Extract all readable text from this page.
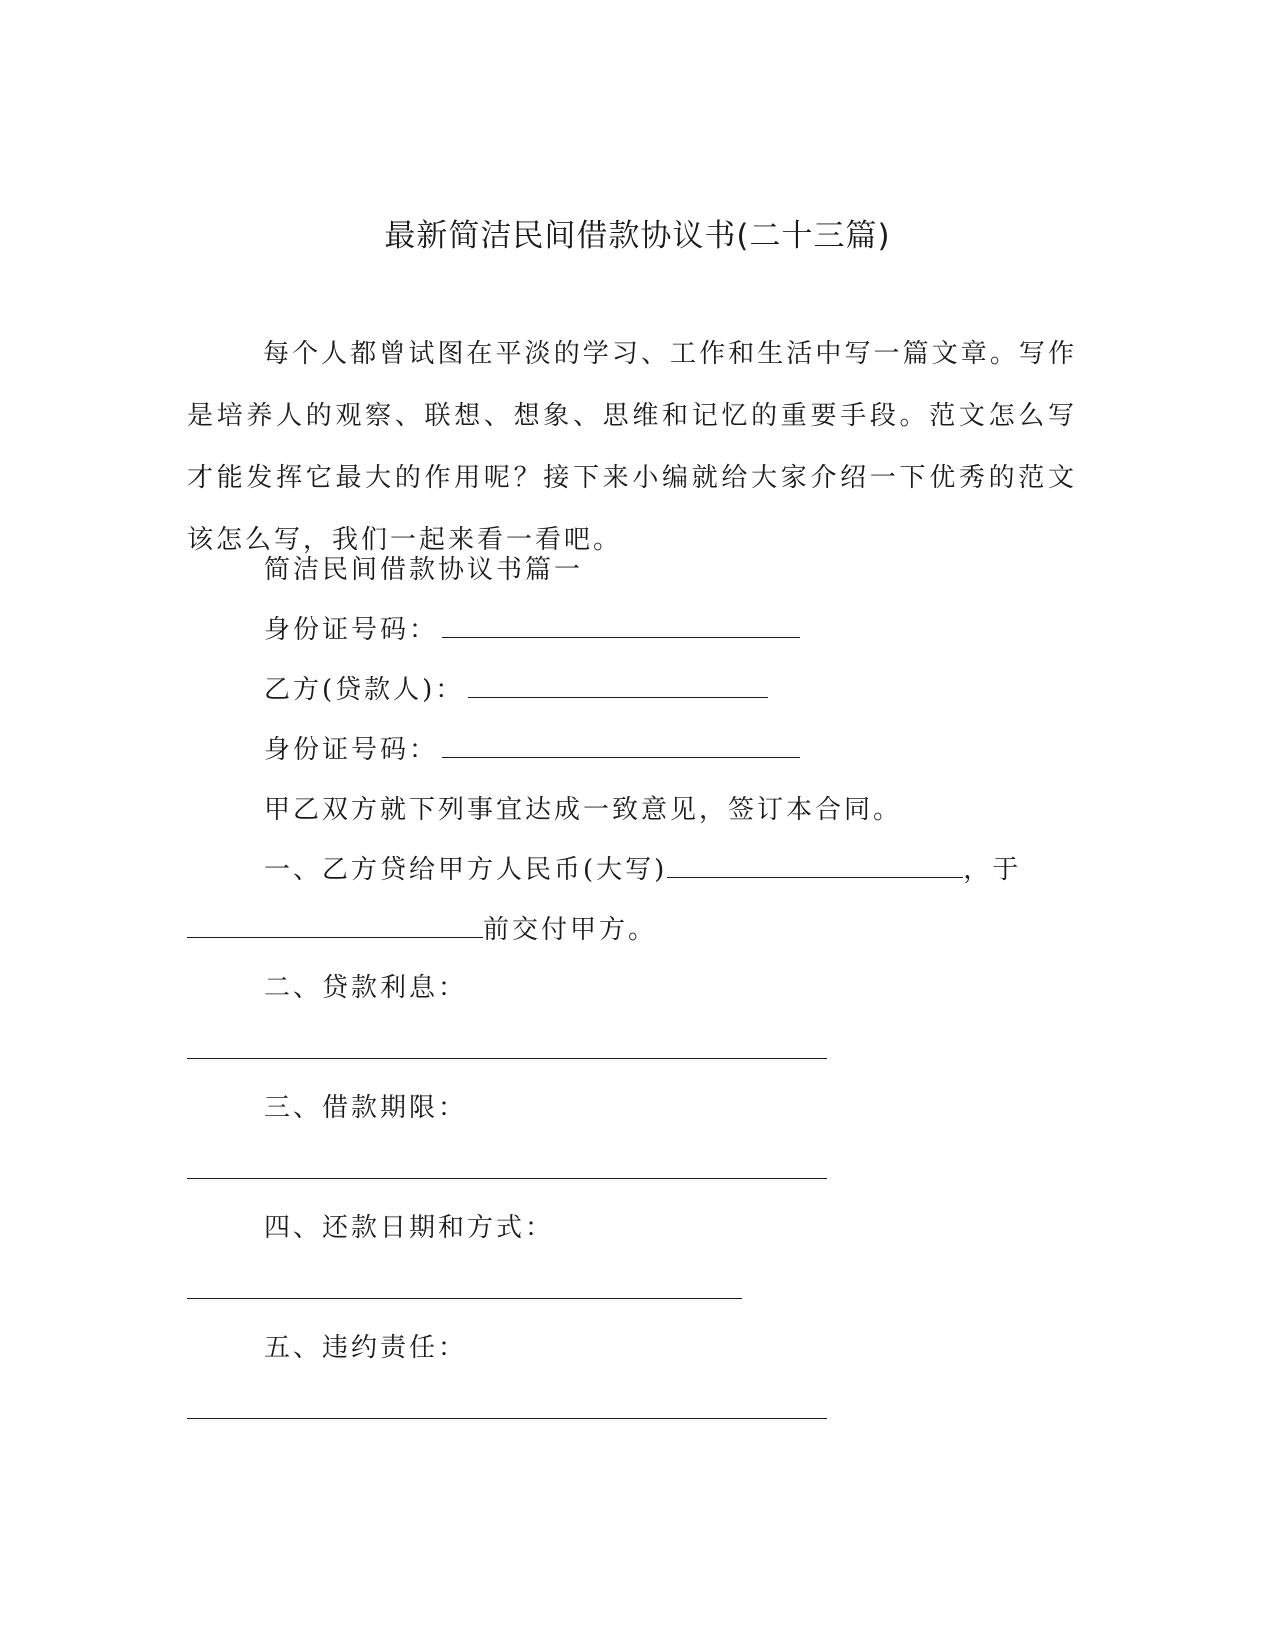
最新简洁民间借款协议书(二十三篇)
每个人都曾试图在平淡的学习、工作和生活中写一篇文章。写作是培养人的观察、联想、想象、思维和记忆的重要手段。范文怎么写才能发挥它最大的作用呢？接下来小编就给大家介绍一下优秀的范文该怎么写，我们一起来看一看吧。
简洁民间借款协议书篇一
身份证号码：
乙方(贷款人)：
身份证号码：
甲乙双方就下列事宜达成一致意见，签订本合同。
一、乙方贷给甲方人民币(大写)	，于
前交付甲方。
二、贷款利息：
三、借款期限：
四、还款日期和方式：
五、违约责任：
